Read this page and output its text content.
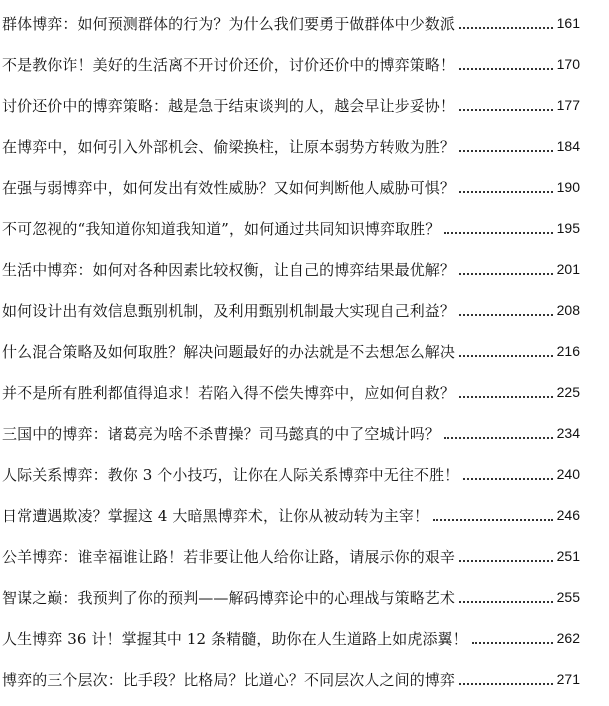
群体博弈：如何预测群体的行为？为什么我们要勇于做群体中少数派	161
不是教你诈！美好的生活离不开讨价还价，讨价还价中的博弈策略！	170
讨价还价中的博弈策略：越是急于结束谈判的人，越会早让步妥协！	177
在博弈中，如何引入外部机会、偷梁换柱，让原本弱势方转败为胜？	184
在强与弱博弈中，如何发出有效性威胁？又如何判断他人威胁可惧？	190
不可忽视的“我知道你知道我知道”，如何通过共同知识博弈取胜？	195
生活中博弈：如何对各种因素比较权衡，让自己的博弈结果最优解？	201
如何设计出有效信息甄别机制，及利用甄别机制最大实现自己利益？	208
什么混合策略及如何取胜？解决问题最好的办法就是不去想怎么解决	216
并不是所有胜利都值得追求！若陷入得不偿失博弈中，应如何自救？	225
三国中的博弈：诸葛亮为啥不杀曹操？司马懿真的中了空城计吗？	234
人际关系博弈：教你 3 个小技巧，让你在人际关系博弈中无往不胜！	240
日常遭遇欺凌？掌握这 4 大暗黑博弈术，让你从被动转为主宰！	246
公羊博弈：谁幸福谁让路！若非要让他人给你让路，请展示你的艰辛	251
智谋之巅：我预判了你的预判——解码博弈论中的心理战与策略艺术	255
人生博弈 36 计！掌握其中 12 条精髓，助你在人生道路上如虎添翼！	262
博弈的三个层次：比手段？比格局？比道心？不同层次人之间的博弈	271
